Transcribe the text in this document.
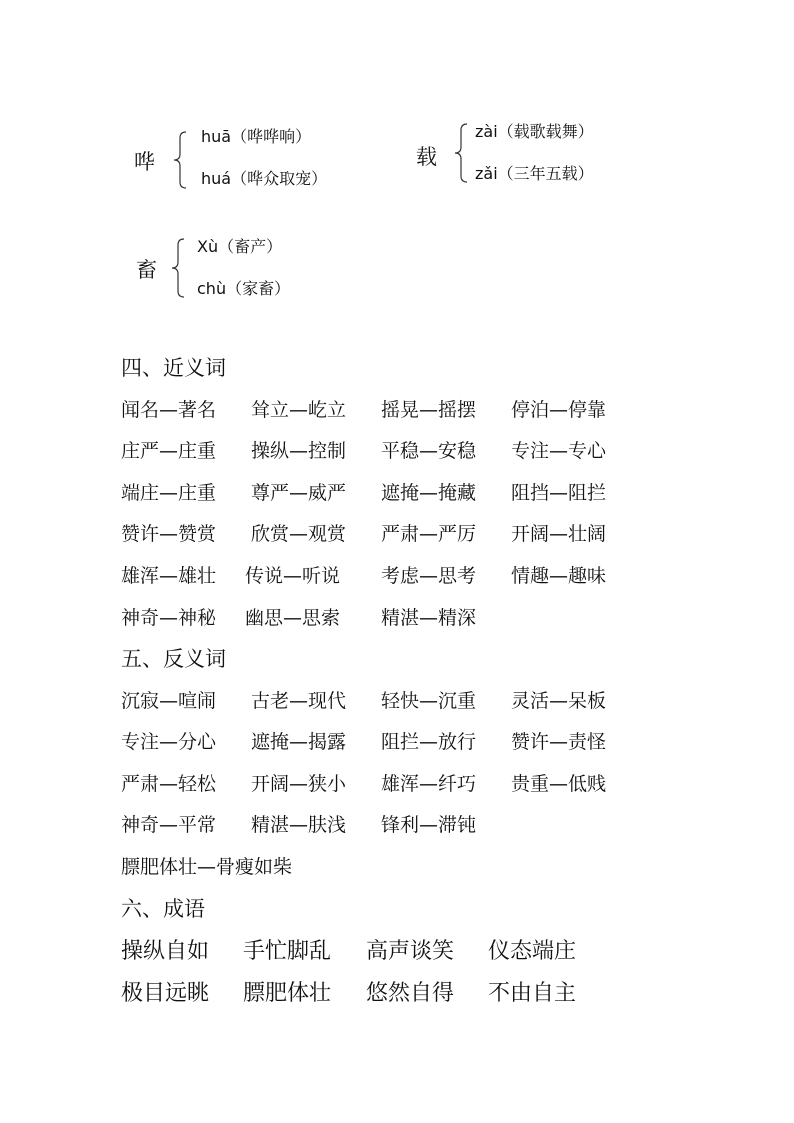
哗
huā（哗哗响）
huá（哗众取宠）
载
zài（载歌载舞）
zǎi（三年五载）
畜
Xù（畜产）
chù（家畜）
四、近义词
闻名—著名 耸立—屹立 摇晃—摇摆 停泊—停靠
庄严—庄重 操纵—控制 平稳—安稳 专注—专心
端庄—庄重 尊严—威严 遮掩—掩藏 阻挡—阻拦
赞许—赞赏 欣赏—观赏 严肃—严厉 开阔—壮阔
雄浑—雄壮 传说—听说 考虑—思考 情趣—趣味
神奇—神秘 幽思—思索 精湛—精深
五、反义词
沉寂—喧闹 古老—现代 轻快—沉重 灵活—呆板
专注—分心 遮掩—揭露 阻拦—放行 赞许—责怪
严肃—轻松 开阔—狭小 雄浑—纤巧 贵重—低贱
神奇—平常 精湛—肤浅 锋利—滞钝
膘肥体壮—骨瘦如柴
六、成语
操纵自如 手忙脚乱 高声谈笑 仪态端庄
极目远眺 膘肥体壮 悠然自得 不由自主
